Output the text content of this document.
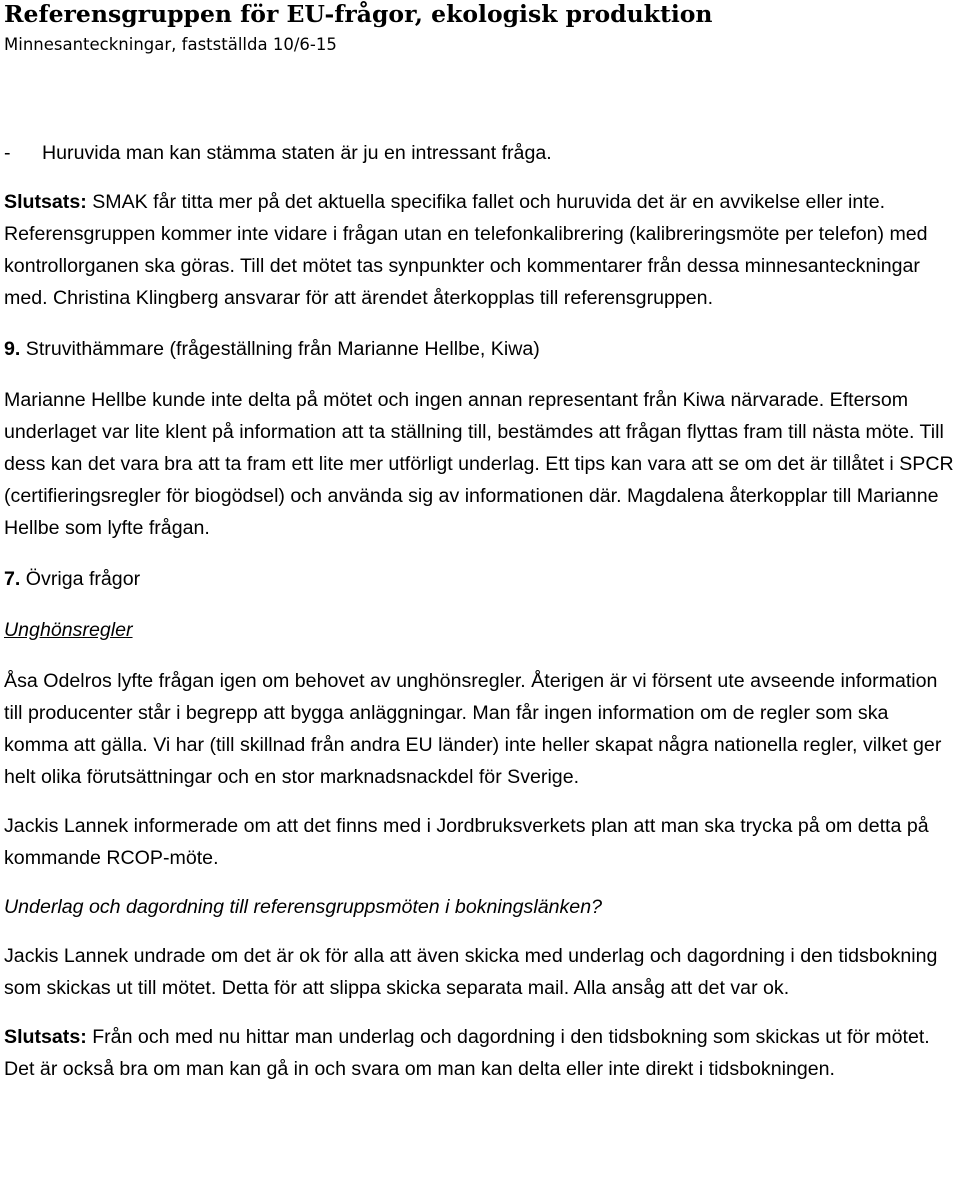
Referensgruppen för EU-frågor, ekologisk produktion

Minnesanteckningar, fastställda 10/6-15

- Huruvida man kan stämma staten är ju en intressant fråga.

Slutsats: SMAK får titta mer på det aktuella specifika fallet och huruvida det är en avvikelse eller inte. Referensgruppen kommer inte vidare i frågan utan en telefonkalibrering (kalibreringsmöte per telefon) med kontrollorganen ska göras. Till det mötet tas synpunkter och kommentarer från dessa minnesanteckningar med. Christina Klingberg ansvarar för att ärendet återkopplas till referensgruppen.

9. Struvithämmare (frågeställning från Marianne Hellbe, Kiwa)

Marianne Hellbe kunde inte delta på mötet och ingen annan representant från Kiwa närvarade. Eftersom underlaget var lite klent på information att ta ställning till, bestämdes att frågan flyttas fram till nästa möte. Till dess kan det vara bra att ta fram ett lite mer utförligt underlag. Ett tips kan vara att se om det är tillåtet i SPCR (certifieringsregler för biogödsel) och använda sig av informationen där. Magdalena återkopplar till Marianne Hellbe som lyfte frågan.

7. Övriga frågor

Unghönsregler

Åsa Odelros lyfte frågan igen om behovet av unghönsregler. Återigen är vi försent ute avseende information till producenter står i begrepp att bygga anläggningar. Man får ingen information om de regler som ska komma att gälla. Vi har (till skillnad från andra EU länder) inte heller skapat några nationella regler, vilket ger helt olika förutsättningar och en stor marknadsnackdel för Sverige.

Jackis Lannek informerade om att det finns med i Jordbruksverkets plan att man ska trycka på om detta på kommande RCOP-möte.

Underlag och dagordning till referensgruppsmöten i bokningslänken?

Jackis Lannek undrade om det är ok för alla att även skicka med underlag och dagordning i den tidsbokning som skickas ut till mötet. Detta för att slippa skicka separata mail. Alla ansåg att det var ok.

Slutsats: Från och med nu hittar man underlag och dagordning i den tidsbokning som skickas ut för mötet. Det är också bra om man kan gå in och svara om man kan delta eller inte direkt i tidsbokningen.
